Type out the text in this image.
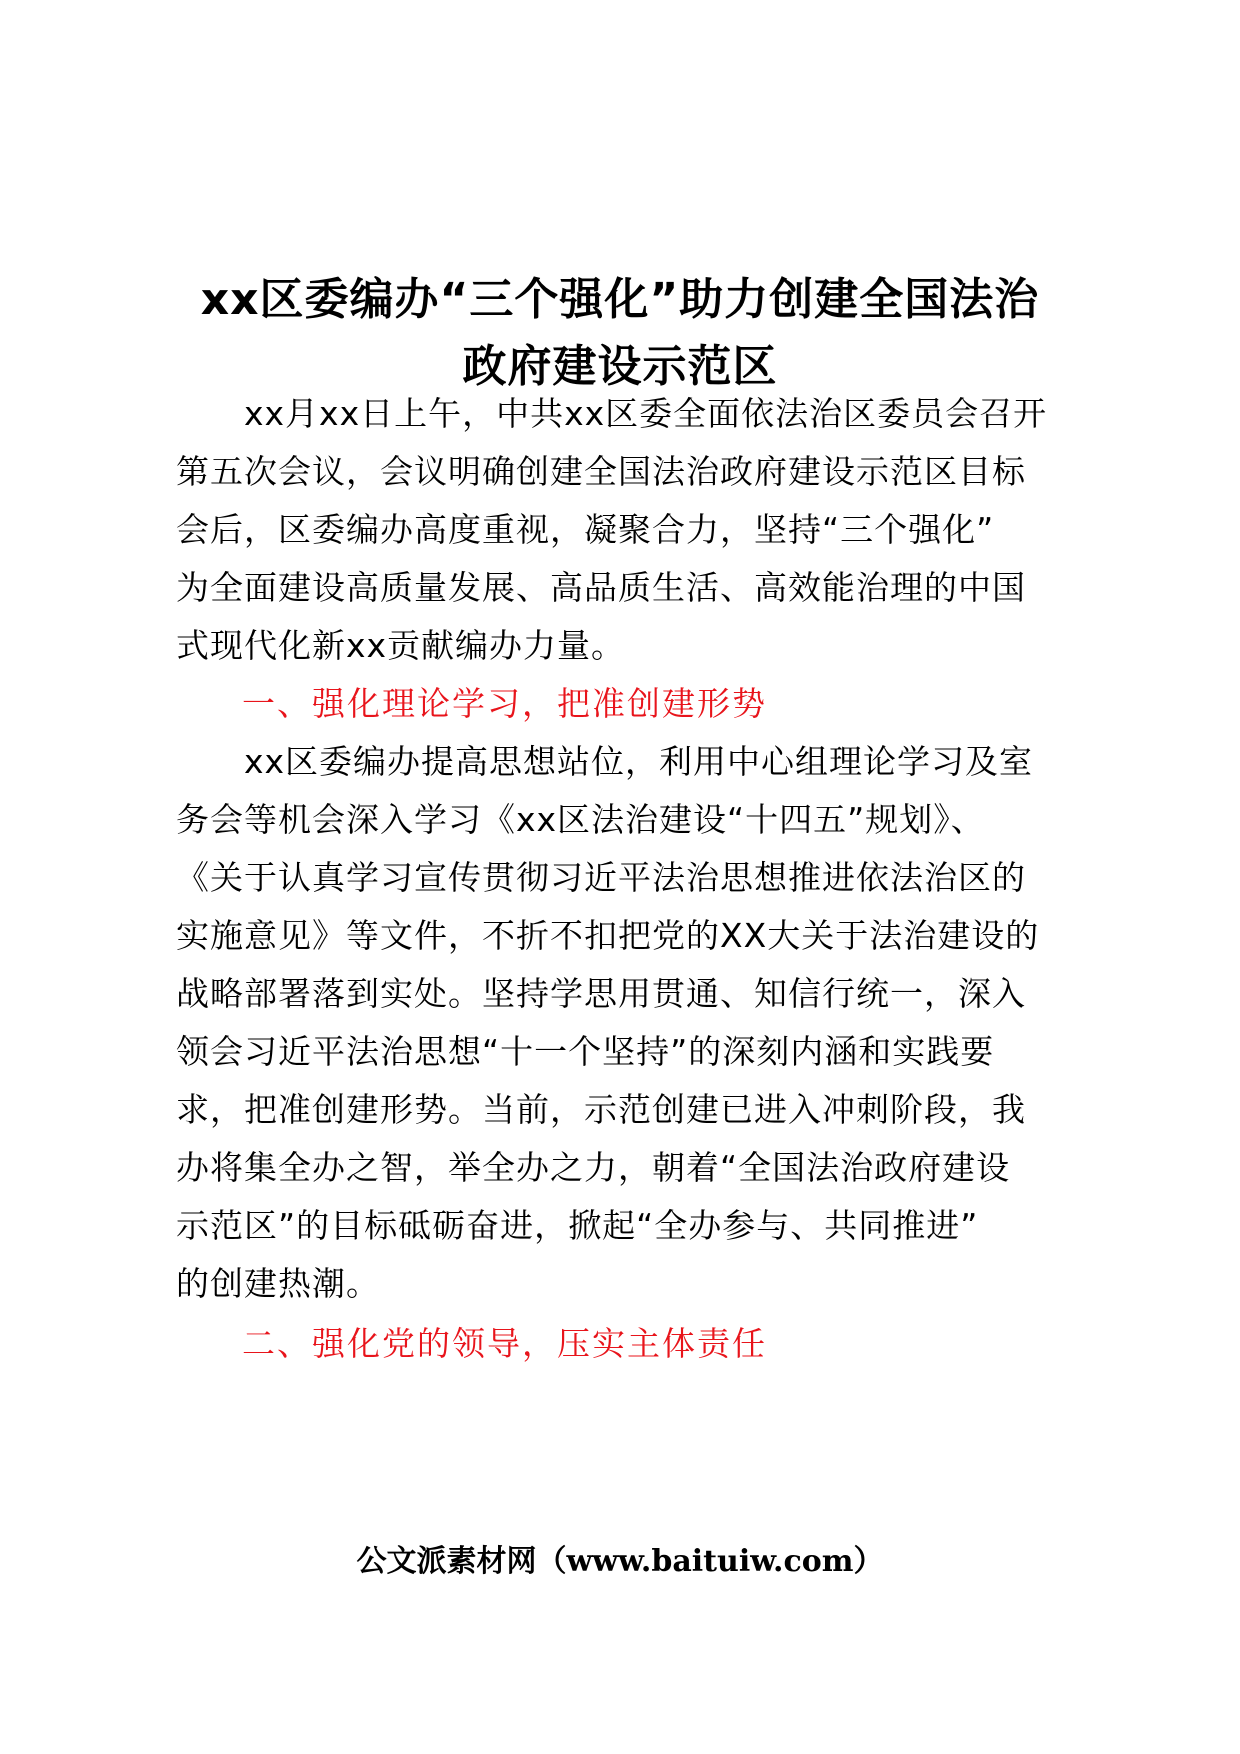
xx区委编办“三个强化”助力创建全国法治
政府建设示范区
　　xx月xx日上午，中共xx区委全面依法治区委员会召开
第五次会议，会议明确创建全国法治政府建设示范区目标
会后，区委编办高度重视，凝聚合力，坚持“三个强化”
为全面建设高质量发展、高品质生活、高效能治理的中国
式现代化新xx贡献编办力量。
一、强化理论学习，把准创建形势
　　xx区委编办提高思想站位，利用中心组理论学习及室
务会等机会深入学习《xx区法治建设“十四五”规划》、
《关于认真学习宣传贯彻习近平法治思想推进依法治区的
实施意见》等文件，不折不扣把党的XX大关于法治建设的
战略部署落到实处。坚持学思用贯通、知信行统一，深入
领会习近平法治思想“十一个坚持”的深刻内涵和实践要
求，把准创建形势。当前，示范创建已进入冲刺阶段，我
办将集全办之智，举全办之力，朝着“全国法治政府建设
示范区”的目标砥砺奋进，掀起“全办参与、共同推进”
的创建热潮。
二、强化党的领导，压实主体责任
公文派素材网（www.baituiw.com）
